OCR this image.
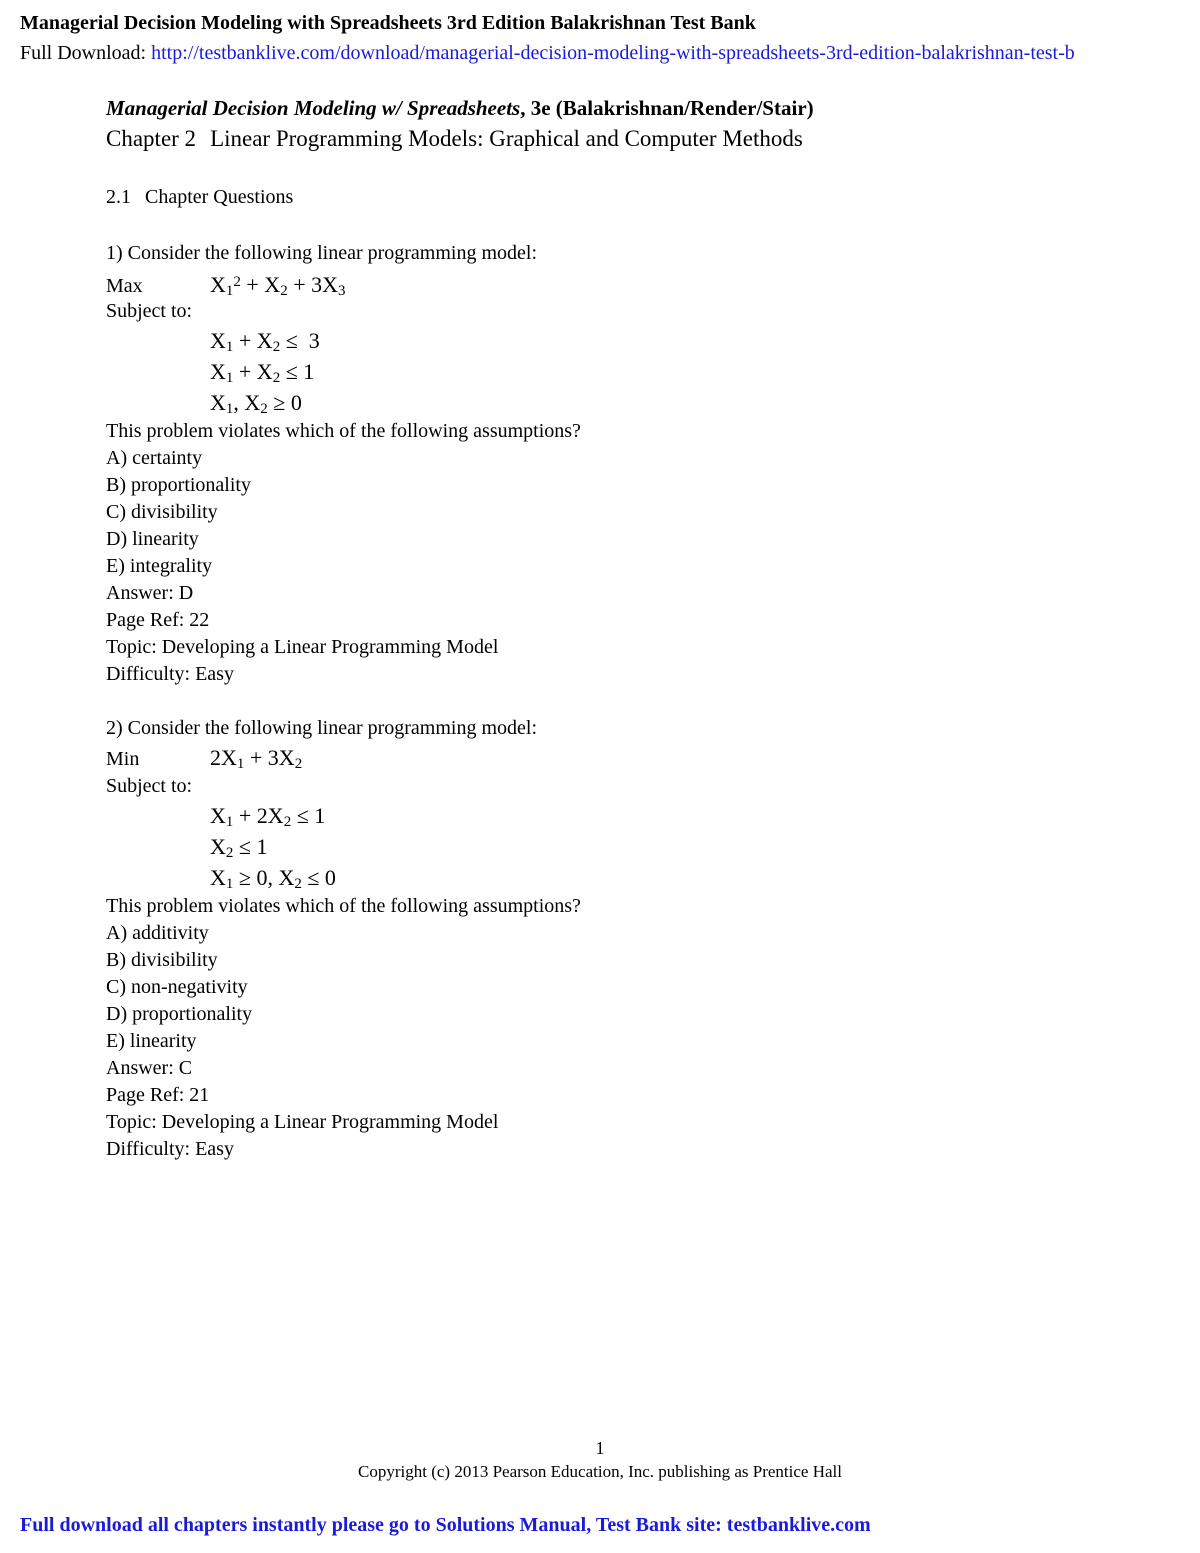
Managerial Decision Modeling with Spreadsheets 3rd Edition Balakrishnan Test Bank
Full Download: http://testbanklive.com/download/managerial-decision-modeling-with-spreadsheets-3rd-edition-balakrishnan-test-b
Managerial Decision Modeling w/ Spreadsheets, 3e (Balakrishnan/Render/Stair)
Chapter 2 Linear Programming Models: Graphical and Computer Methods
2.1 Chapter Questions
1) Consider the following linear programming model:
Max	$X_1^2 + X_2 + 3X_3$
Subject to:
$X_1 + X_2 \le 3$
$X_1 + X_2 \le 1$
$X_1$, $X_2 \ge 0$
This problem violates which of the following assumptions?
A) certainty
B) proportionality
C) divisibility
D) linearity
E) integrality
Answer: D
Page Ref: 22
Topic: Developing a Linear Programming Model
Difficulty: Easy
2) Consider the following linear programming model:
Min	$2X_1 + 3X_2$
Subject to:
$X_1 + 2X_2 \le 1$
$X_2 \le 1$
$X_1 \ge 0$, $X_2 \le 0$
This problem violates which of the following assumptions?
A) additivity
B) divisibility
C) non-negativity
D) proportionality
E) linearity
Answer: C
Page Ref: 21
Topic: Developing a Linear Programming Model
Difficulty: Easy
1
Copyright (c) 2013 Pearson Education, Inc. publishing as Prentice Hall
Full download all chapters instantly please go to Solutions Manual, Test Bank site: testbanklive.com
